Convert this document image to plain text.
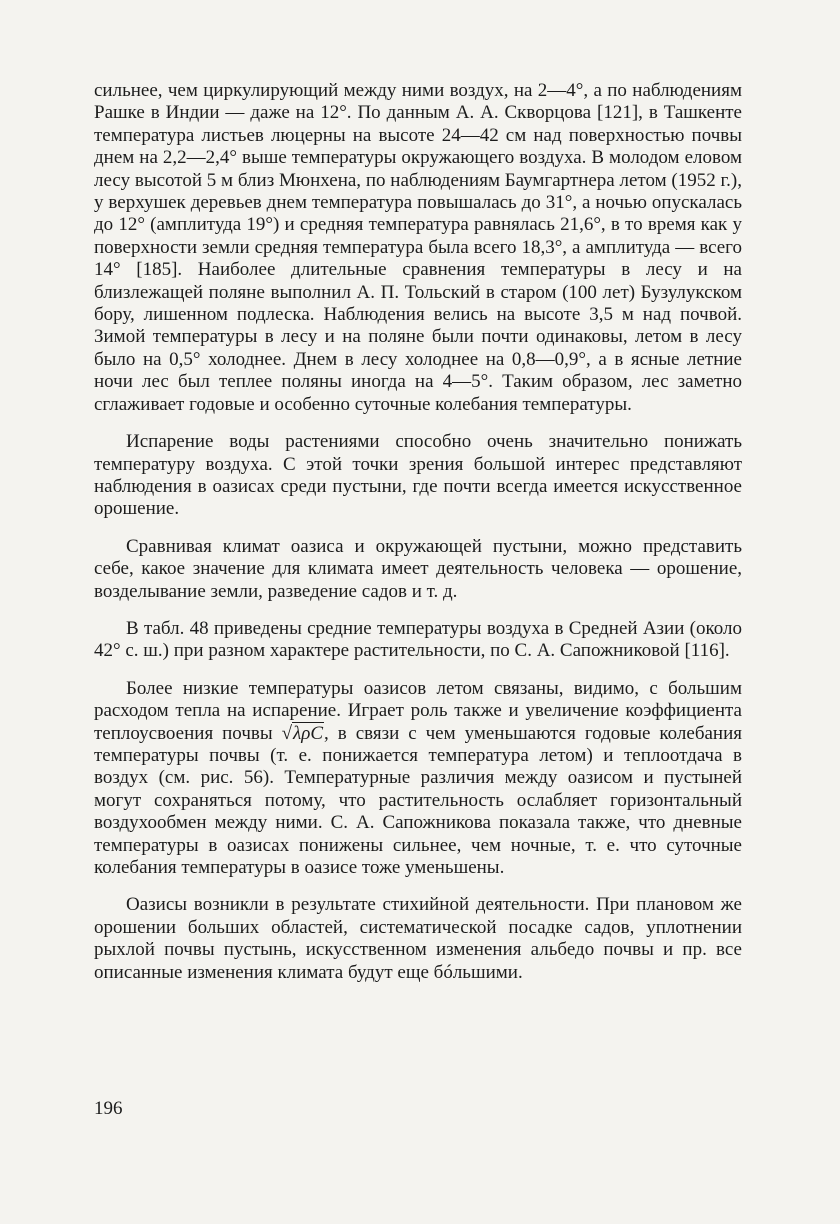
сильнее, чем циркулирующий между ними воздух, на 2—4°, а по наблюдениям Рашке в Индии — даже на 12°. По данным А. А. Скворцова [121], в Ташкенте температура листьев люцерны на высоте 24—42 см над поверхностью почвы днем на 2,2—2,4° выше температуры окружающего воздуха. В молодом еловом лесу высотой 5 м близ Мюнхена, по наблюдениям Баумгартнера летом (1952 г.), у верхушек деревьев днем температура повышалась до 31°, а ночью опускалась до 12° (амплитуда 19°) и средняя температура равнялась 21,6°, в то время как у поверхности земли средняя температура была всего 18,3°, а амплитуда — всего 14° [185]. Наиболее длительные сравнения температуры в лесу и на близлежащей поляне выполнил А. П. Тольский в старом (100 лет) Бузулукском бору, лишенном подлеска. Наблюдения велись на высоте 3,5 м над почвой. Зимой температуры в лесу и на поляне были почти одинаковы, летом в лесу было на 0,5° холоднее. Днем в лесу холоднее на 0,8—0,9°, а в ясные летние ночи лес был теплее поляны иногда на 4—5°. Таким образом, лес заметно сглаживает годовые и особенно суточные колебания температуры.

Испарение воды растениями способно очень значительно понижать температуру воздуха. С этой точки зрения большой интерес представляют наблюдения в оазисах среди пустыни, где почти всегда имеется искусственное орошение.

Сравнивая климат оазиса и окружающей пустыни, можно представить себе, какое значение для климата имеет деятельность человека — орошение, возделывание земли, разведение садов и т. д.

В табл. 48 приведены средние температуры воздуха в Средней Азии (около 42° с. ш.) при разном характере растительности, по С. А. Сапожниковой [116].

Более низкие температуры оазисов летом связаны, видимо, с большим расходом тепла на испарение. Играет роль также и увеличение коэффициента теплоусвоения почвы √λρC, в связи с чем уменьшаются годовые колебания температуры почвы (т. е. понижается температура летом) и теплоотдача в воздух (см. рис. 56). Температурные различия между оазисом и пустыней могут сохраняться потому, что растительность ослабляет горизонтальный воздухообмен между ними. С. А. Сапожникова показала также, что дневные температуры в оазисах понижены сильнее, чем ночные, т. е. что суточные колебания температуры в оазисе тоже уменьшены.

Оазисы возникли в результате стихийной деятельности. При плановом же орошении больших областей, систематической посадке садов, уплотнении рыхлой почвы пустынь, искусственном изменения альбедо почвы и пр. все описанные изменения климата будут еще бóльшими.

196
